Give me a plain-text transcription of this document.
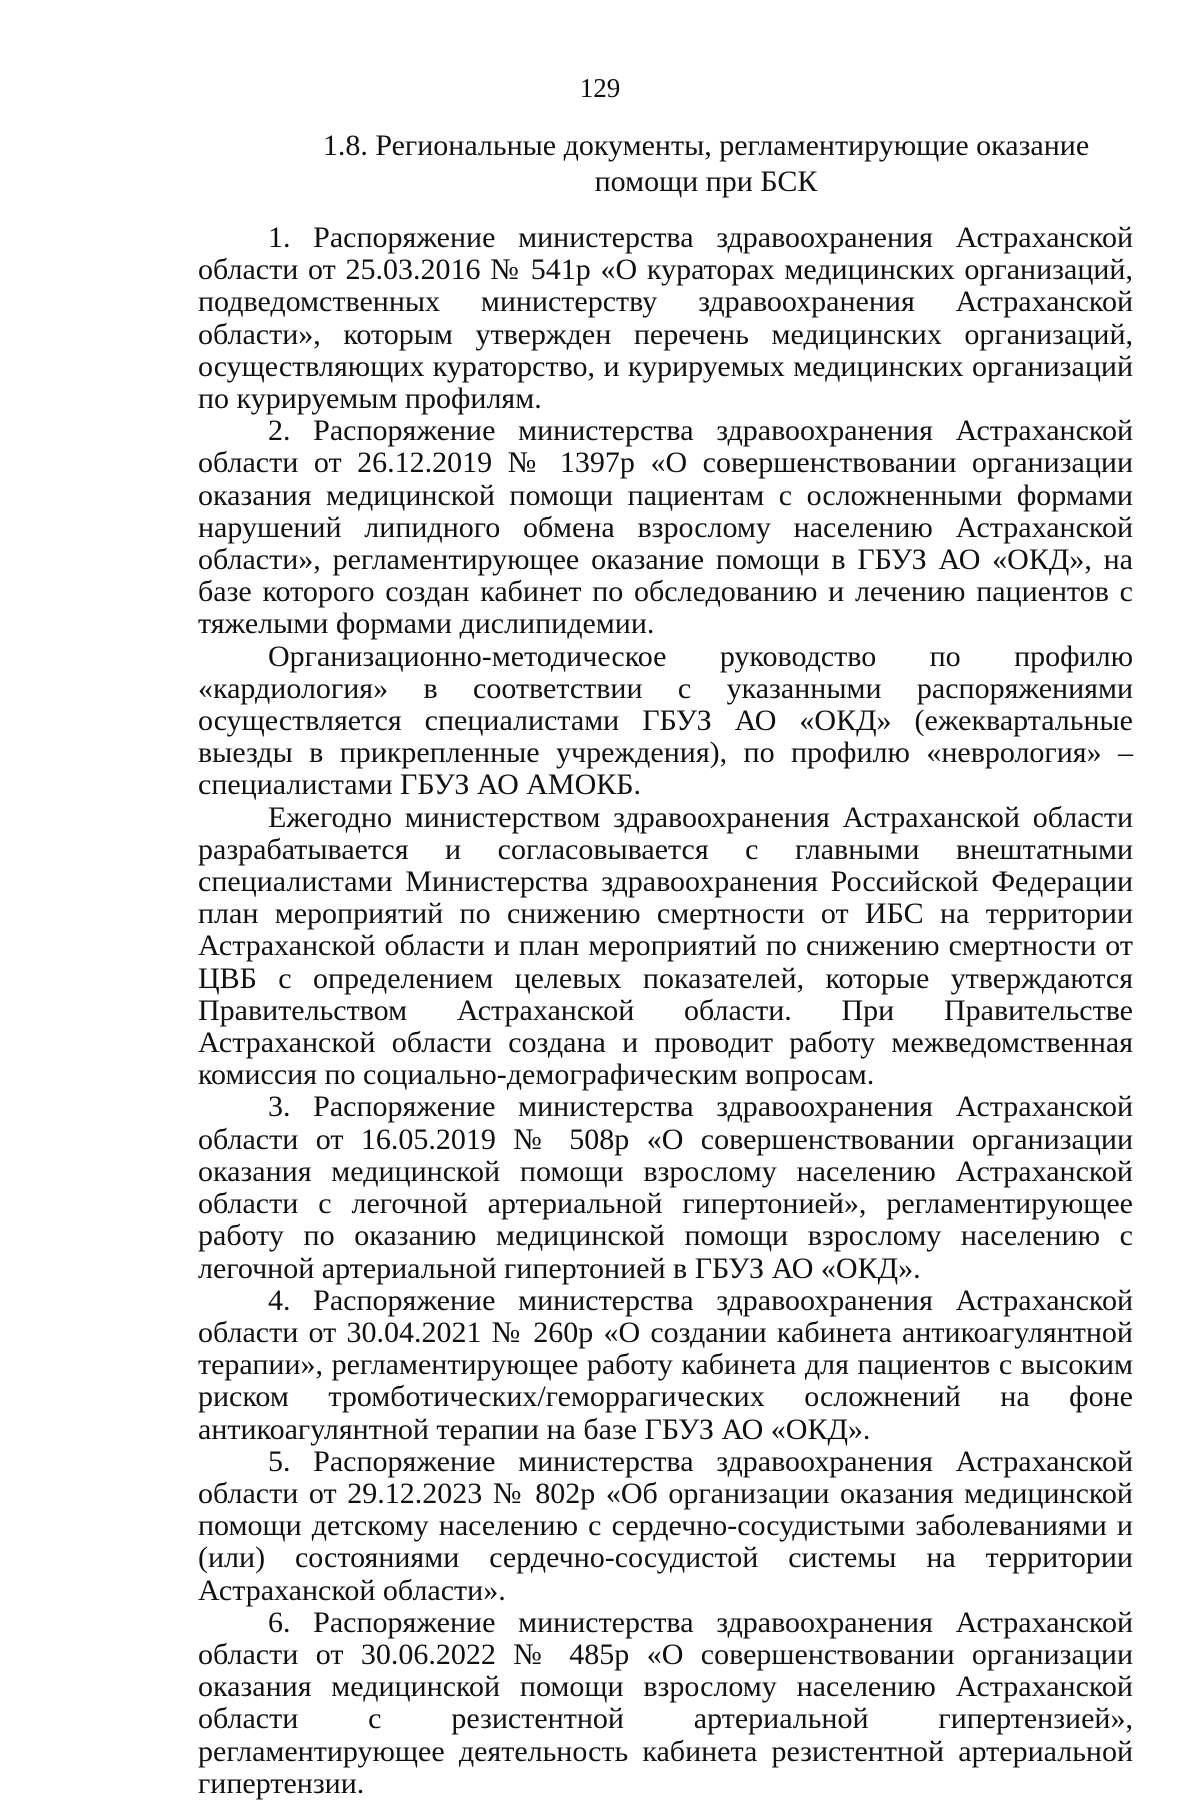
129
1.8. Региональные документы, регламентирующие оказание помощи при БСК

1. Распоряжение министерства здравоохранения Астраханской области от 25.03.2016 № 541р «О кураторах медицинских организаций, подведомственных министерству здравоохранения Астраханской области», которым утвержден перечень медицинских организаций, осуществляющих кураторство, и курируемых медицинских организаций по курируемым профилям.

2. Распоряжение министерства здравоохранения Астраханской области от 26.12.2019 № 1397р «О совершенствовании организации оказания медицинской помощи пациентам с осложненными формами нарушений липидного обмена взрослому населению Астраханской области», регламентирующее оказание помощи в ГБУЗ АО «ОКД», на базе которого создан кабинет по обследованию и лечению пациентов с тяжелыми формами дислипидемии.

Организационно-методическое руководство по профилю «кардиология» в соответствии с указанными распоряжениями осуществляется специалистами ГБУЗ АО «ОКД» (ежеквартальные выезды в прикрепленные учреждения), по профилю «неврология» – специалистами ГБУЗ АО АМОКБ.

Ежегодно министерством здравоохранения Астраханской области разрабатывается и согласовывается с главными внештатными специалистами Министерства здравоохранения Российской Федерации план мероприятий по снижению смертности от ИБС на территории Астраханской области и план мероприятий по снижению смертности от ЦВБ с определением целевых показателей, которые утверждаются Правительством Астраханской области. При Правительстве Астраханской области создана и проводит работу межведомственная комиссия по социально-демографическим вопросам.

3. Распоряжение министерства здравоохранения Астраханской области от 16.05.2019 № 508р «О совершенствовании организации оказания медицинской помощи взрослому населению Астраханской области с легочной артериальной гипертонией», регламентирующее работу по оказанию медицинской помощи взрослому населению с легочной артериальной гипертонией в ГБУЗ АО «ОКД».

4. Распоряжение министерства здравоохранения Астраханской области от 30.04.2021 № 260р «О создании кабинета антикоагулянтной терапии», регламентирующее работу кабинета для пациентов с высоким риском тромботических/геморрагических осложнений на фоне антикоагулянтной терапии на базе ГБУЗ АО «ОКД».

5. Распоряжение министерства здравоохранения Астраханской области от 29.12.2023 № 802р «Об организации оказания медицинской помощи детскому населению с сердечно-сосудистыми заболеваниями и (или) состояниями сердечно-сосудистой системы на территории Астраханской области».

6. Распоряжение министерства здравоохранения Астраханской области от 30.06.2022 № 485р «О совершенствовании организации оказания медицинской помощи взрослому населению Астраханской области с резистентной артериальной гипертензией», регламентирующее деятельность кабинета резистентной артериальной гипертензии.
